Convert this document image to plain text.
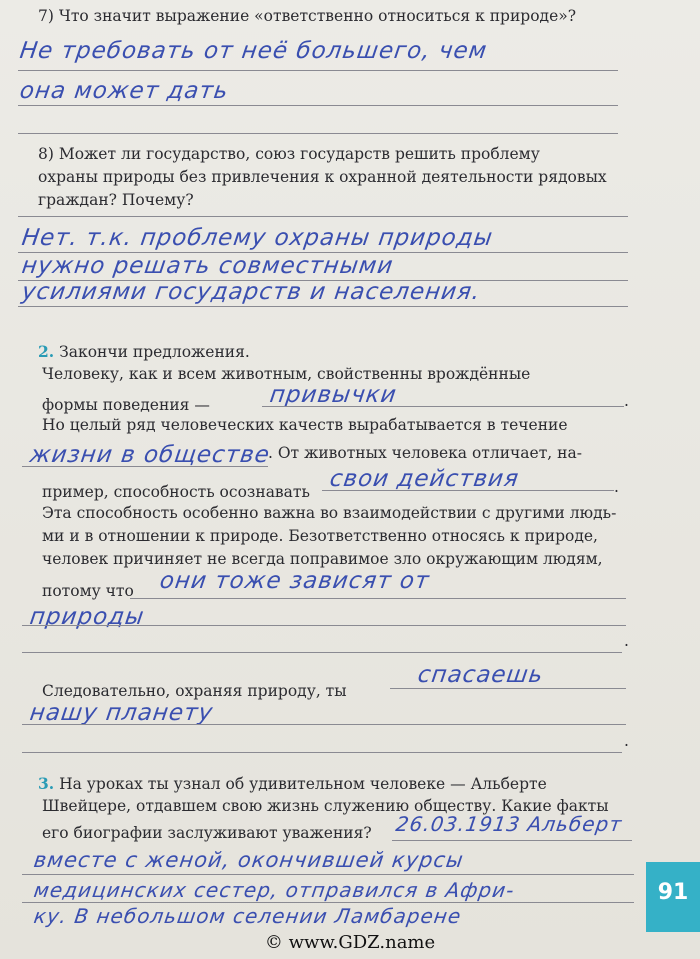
7) Что значит выражение «ответственно относиться к природе»?
Не требовать от неё большего, чем
она может дать
8) Может ли государство, союз государств решить проблему
охраны природы без привлечения к охранной деятельности рядовых
граждан? Почему?
Нет. т.к. проблему охраны природы
нужно решать совместными
усилиями государств и населения.
2. Закончи предложения.
Человеку, как и всем животным, свойственны врождённые
формы поведения —	привычки	.
Но целый ряд человеческих качеств вырабатывается в течение
жизни в обществе
. От животных человека отличает, на-
пример, способность осознавать свои действия	.
Эта способность особенно важна во взаимодействии с другими людь-
ми и в отношении к природе. Безответственно относясь к природе,
человек причиняет не всегда поправимое зло окружающим людям,
потому что они тоже зависят от
природы
.
Следовательно, охраняя природу, ты
спасаешь
нашу планету
.
3. На уроках ты узнал об удивительном человеке — Альберте
Швейцере, отдавшем свою жизнь служению обществу. Какие факты
его биографии заслуживают уважения? 26.03.1913 Альберт
вместе с женой, окончившей курсы
медицинских сестер, отправился в Афри-
ку. В небольшом селении Ламбарене
91
© www.GDZ.name
